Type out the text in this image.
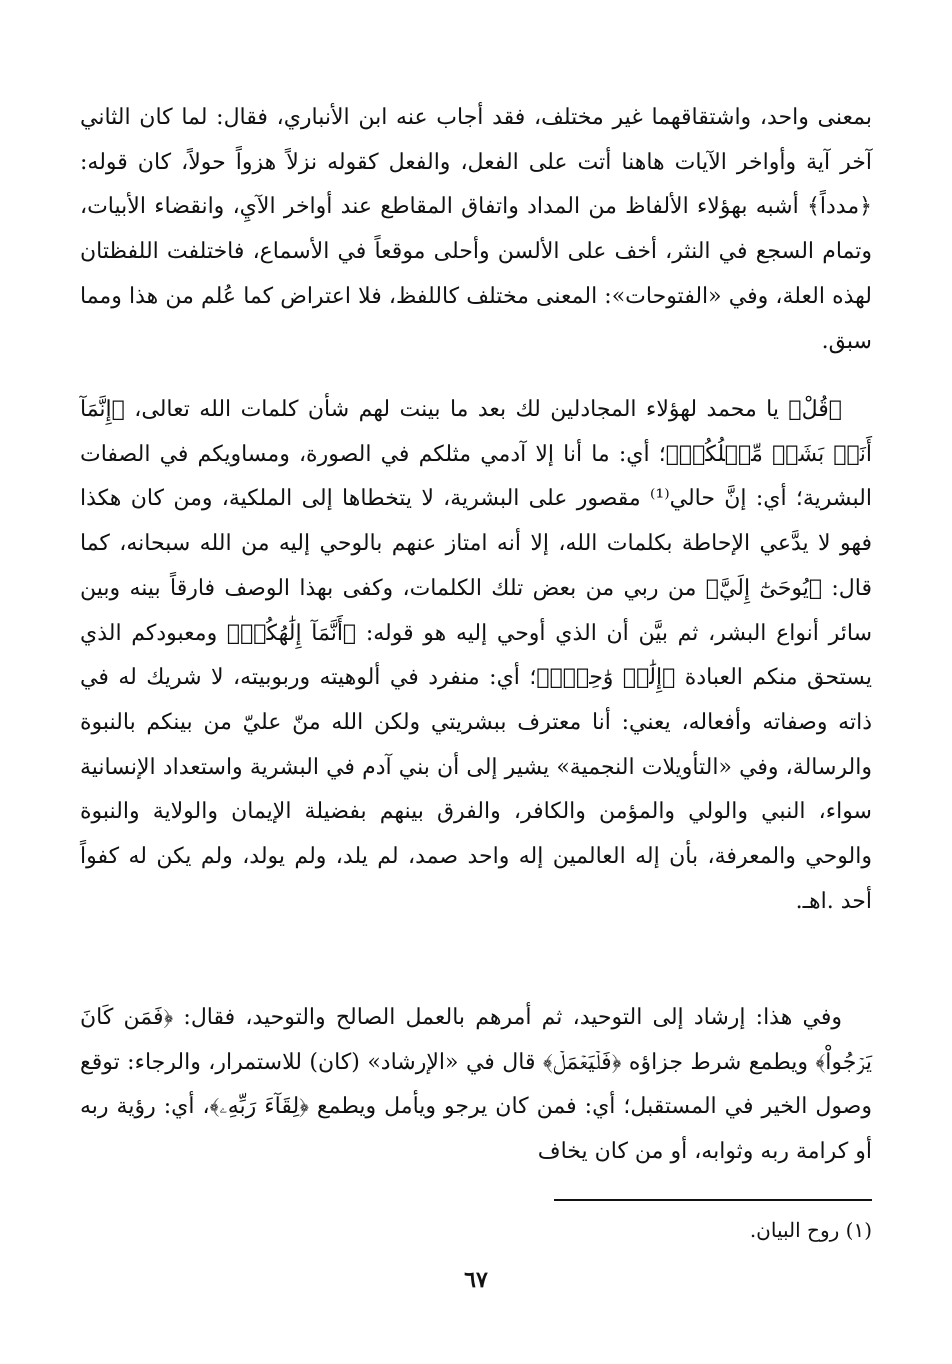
بمعنى واحد، واشتقاقهما غير مختلف، فقد أجاب عنه ابن الأنباري، فقال: لما كان الثاني آخر آية وأواخر الآيات هاهنا أتت على الفعل، والفعل كقوله نزلاً هزواً حولاً، كان قوله: ﴿مدداً﴾ أشبه بهؤلاء الألفاظ من المداد واتفاق المقاطع عند أواخر الآيِ، وانقضاء الأبيات، وتمام السجع في النثر، أخف على الألسن وأحلى موقعاً في الأسماع، فاختلفت اللفظتان لهذه العلة، وفي «الفتوحات»: المعنى مختلف كاللفظ، فلا اعتراض كما عُلم من هذا ومما سبق.

﴿قُلْ﴾ يا محمد لهؤلاء المجادلين لك بعد ما بينت لهم شأن كلمات الله تعالى، ﴿إِنَّمَآ أَنَا۠ بَشَرٞ مِّثۡلُكُمۡ﴾؛ أي: ما أنا إلا آدمي مثلكم في الصورة، ومساويكم في الصفات البشرية؛ أي: إنَّ حالي⁽¹⁾ مقصور على البشرية، لا يتخطاها إلى الملكية، ومن كان هكذا فهو لا يدَّعي الإحاطة بكلمات الله، إلا أنه امتاز عنهم بالوحي إليه من الله سبحانه، كما قال: ﴿يُوحَىٰٓ إِلَيَّ﴾ من ربي من بعض تلك الكلمات، وكفى بهذا الوصف فارقاً بينه وبين سائر أنواع البشر، ثم بيَّن أن الذي أوحي إليه هو قوله: ﴿أَنَّمَآ إِلَٰهُكُمۡ﴾ ومعبودكم الذي يستحق منكم العبادة ﴿إِلَٰهٞ وَٰحِدٞۖ﴾؛ أي: منفرد في ألوهيته وربوبيته، لا شريك له في ذاته وصفاته وأفعاله، يعني: أنا معترف ببشريتي ولكن الله منّ عليّ من بينكم بالنبوة والرسالة، وفي «التأويلات النجمية» يشير إلى أن بني آدم في البشرية واستعداد الإنسانية سواء، النبي والولي والمؤمن والكافر، والفرق بينهم بفضيلة الإيمان والولاية والنبوة والوحي والمعرفة، بأن إله العالمين إله واحد صمد، لم يلد، ولم يولد، ولم يكن له كفواً أحد .اهـ.

وفي هذا: إرشاد إلى التوحيد، ثم أمرهم بالعمل الصالح والتوحيد، فقال: ﴿فَمَن كَانَ يَرۡجُواْ﴾ ويطمع شرط جزاؤه ﴿فَلۡيَعۡمَلۡ﴾ قال في «الإرشاد» (كان) للاستمرار، والرجاء: توقع وصول الخير في المستقبل؛ أي: فمن كان يرجو ويأمل ويطمع ﴿لِقَآءَ رَبِّهِۦ﴾، أي: رؤية ربه أو كرامة ربه وثوابه، أو من كان يخاف

(١) روح البيان.

٦٧
